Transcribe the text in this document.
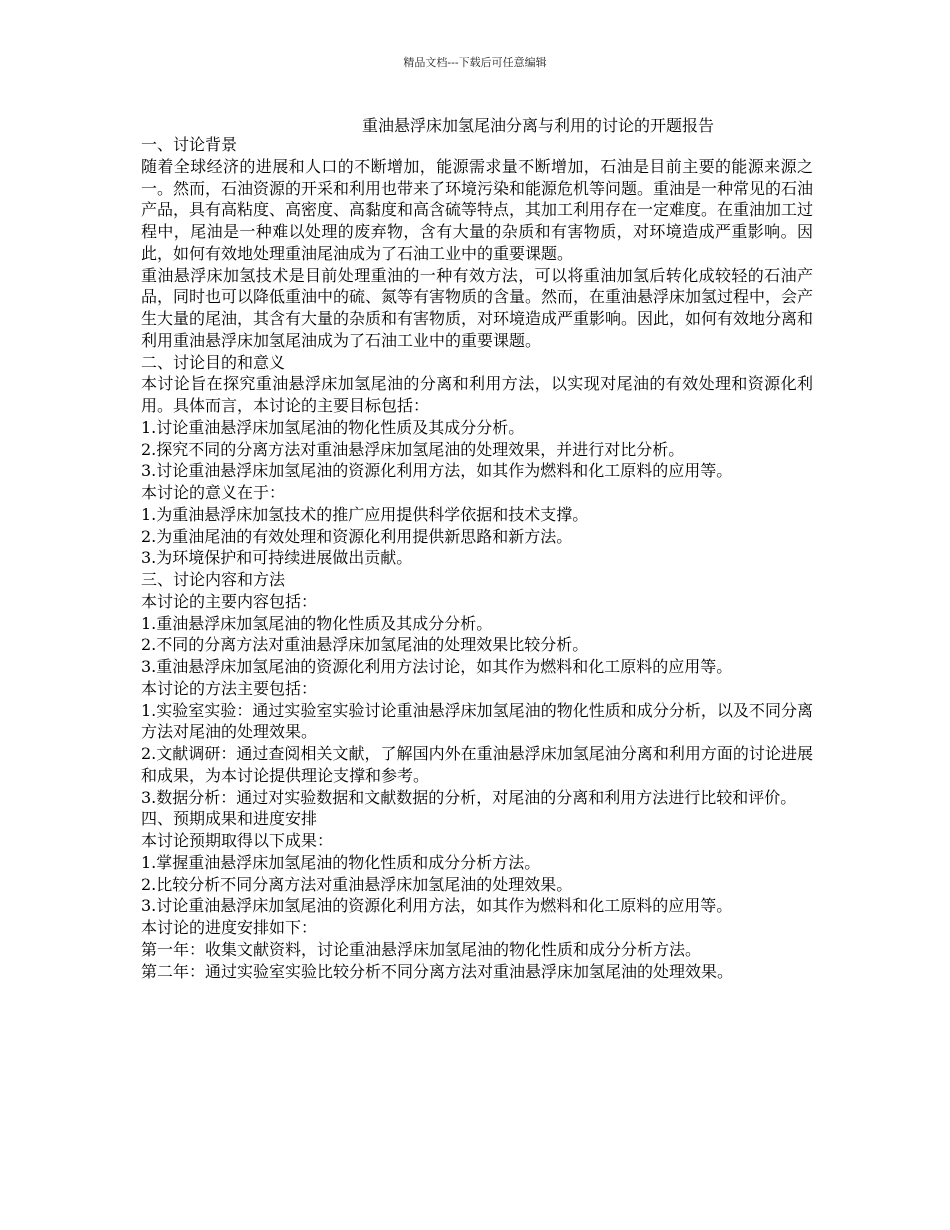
精品文档---下载后可任意编辑
重油悬浮床加氢尾油分离与利用的讨论的开题报告

一、讨论背景

随着全球经济的进展和人口的不断增加，能源需求量不断增加，石油是目前主要的能源来源之一。然而，石油资源的开采和利用也带来了环境污染和能源危机等问题。重油是一种常见的石油产品，具有高粘度、高密度、高黏度和高含硫等特点，其加工利用存在一定难度。在重油加工过程中，尾油是一种难以处理的废弃物，含有大量的杂质和有害物质，对环境造成严重影响。因此，如何有效地处理重油尾油成为了石油工业中的重要课题。

重油悬浮床加氢技术是目前处理重油的一种有效方法，可以将重油加氢后转化成较轻的石油产品，同时也可以降低重油中的硫、氮等有害物质的含量。然而，在重油悬浮床加氢过程中，会产生大量的尾油，其含有大量的杂质和有害物质，对环境造成严重影响。因此，如何有效地分离和利用重油悬浮床加氢尾油成为了石油工业中的重要课题。

二、讨论目的和意义

本讨论旨在探究重油悬浮床加氢尾油的分离和利用方法，以实现对尾油的有效处理和资源化利用。具体而言，本讨论的主要目标包括：

1.讨论重油悬浮床加氢尾油的物化性质及其成分分析。

2.探究不同的分离方法对重油悬浮床加氢尾油的处理效果，并进行对比分析。

3.讨论重油悬浮床加氢尾油的资源化利用方法，如其作为燃料和化工原料的应用等。

本讨论的意义在于：

1.为重油悬浮床加氢技术的推广应用提供科学依据和技术支撑。

2.为重油尾油的有效处理和资源化利用提供新思路和新方法。

3.为环境保护和可持续进展做出贡献。

三、讨论内容和方法

本讨论的主要内容包括：

1.重油悬浮床加氢尾油的物化性质及其成分分析。

2.不同的分离方法对重油悬浮床加氢尾油的处理效果比较分析。

3.重油悬浮床加氢尾油的资源化利用方法讨论，如其作为燃料和化工原料的应用等。

本讨论的方法主要包括：

1.实验室实验：通过实验室实验讨论重油悬浮床加氢尾油的物化性质和成分分析，以及不同分离方法对尾油的处理效果。

2.文献调研：通过查阅相关文献，了解国内外在重油悬浮床加氢尾油分离和利用方面的讨论进展和成果，为本讨论提供理论支撑和参考。

3.数据分析：通过对实验数据和文献数据的分析，对尾油的分离和利用方法进行比较和评价。

四、预期成果和进度安排

本讨论预期取得以下成果：

1.掌握重油悬浮床加氢尾油的物化性质和成分分析方法。

2.比较分析不同分离方法对重油悬浮床加氢尾油的处理效果。

3.讨论重油悬浮床加氢尾油的资源化利用方法，如其作为燃料和化工原料的应用等。

本讨论的进度安排如下：

第一年：收集文献资料，讨论重油悬浮床加氢尾油的物化性质和成分分析方法。

第二年：通过实验室实验比较分析不同分离方法对重油悬浮床加氢尾油的处理效果。
